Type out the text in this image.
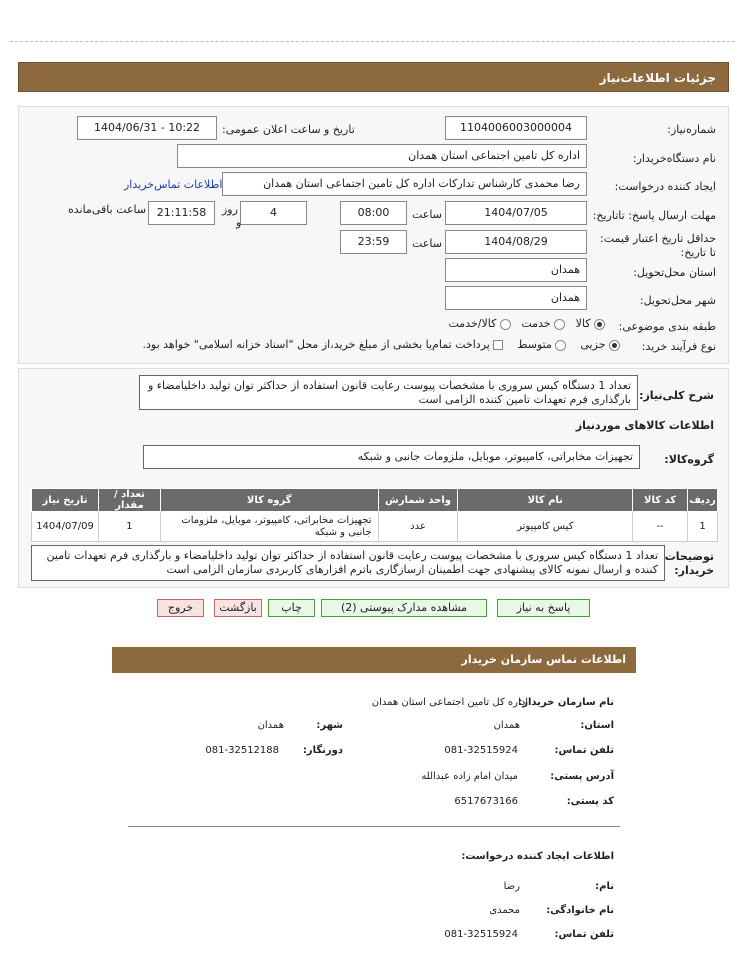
جزئیات اطلاعات‌نیاز
شماره‌نیاز:
1104006003000004
تاریخ و ساعت اعلان عمومی:
1404/06/31 - 10:22
نام دستگاه‌خریدار:
اداره کل تامین اجتماعی استان همدان
ایجاد کننده درخواست:
رضا محمدی کارشناس تدارکات اداره کل تامین اجتماعی استان همدان
اطلاعات تماس‌خریدار
مهلت ارسال پاسخ: تاتاریخ:
1404/07/05
ساعت
08:00
4
روز
و
21:11:58
ساعت باقی‌مانده
حداقل تاریخ اعتبار قیمت: تا تاریخ:
1404/08/29
ساعت
23:59
استان محل‌تحویل:
همدان
شهر محل‌تحویل:
همدان
طبقه بندی موضوعی:
کالا    خدمت    کالا/خدمت
نوع فرآیند خرید:
جزیی     متوسط     پرداخت تمام‌یا بخشی از مبلغ خرید،از محل "اسناد خزانه اسلامی" خواهد بود.
شرح کلی‌نیاز:
تعداد 1 دستگاه کیس سروری با مشخصات پیوست رعایت قانون استفاده از حداکثر توان تولید داخلیامضاء و بارگذاری فرم تعهدات تامین کننده الزامی است
اطلاعات کالاهای موردنیاز
گروه‌کالا:
تجهیزات مخابراتی، کامپیوتر، موبایل، ملزومات جانبی و شبکه
ردیف	کد کالا	نام کالا	واحد شمارش	گروه کالا	تعداد / مقدار	تاریخ نیاز
1	--	کیس کامپیوتر	عدد	تجهیزات مخابراتی، کامپیوتر، موبایل، ملزومات جانبی و شبکه	1	1404/07/09
توضیحات خریدار:
تعداد 1 دستگاه کیس سروری با مشخصات پیوست رعایت قانون استفاده از حداکثر توان تولید داخلیامضاء و بارگذاری فرم تعهدات تامین کننده و ارسال نمونه کالای پیشنهادی جهت اطمینان ازسازگاری باترم افزارهای کاربردی سازمان الزامی است
پاسخ به نیاز
مشاهده مدارک پیوستی (2)
چاپ
بازگشت
خروج
اطلاعات تماس سازمان خریدار
نام سازمان خریدار:
اداره کل تامین اجتماعی استان همدان
استان:
همدان
شهر:
همدان
تلفن تماس:
081-32515924
دورنگار:
081-32512188
آدرس پستی:
میدان امام زاده عبدالله
کد پستی:
6517673166
اطلاعات ایجاد کننده درخواست:
نام:
رضا
نام خانوادگی:
محمدی
تلفن تماس:
081-32515924
